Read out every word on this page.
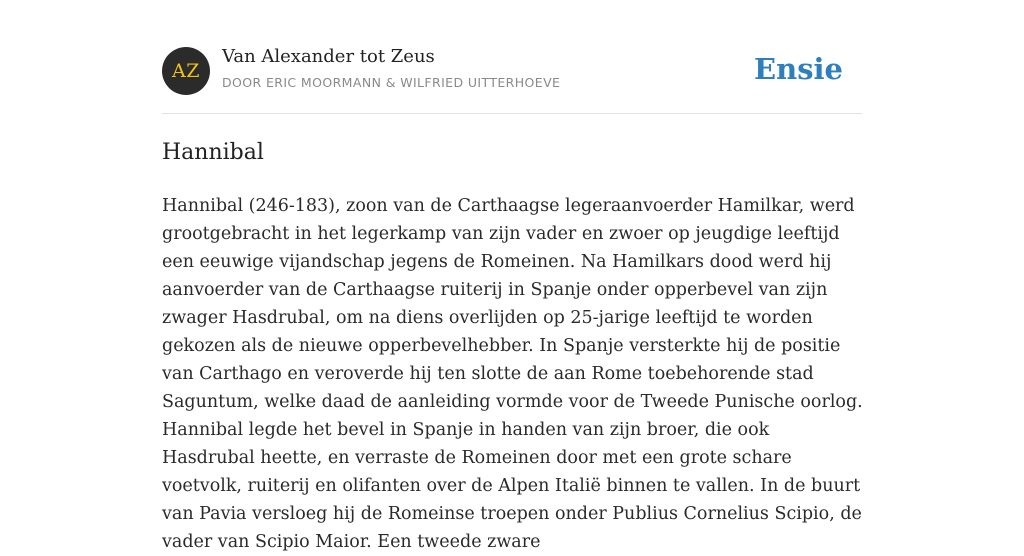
AZ
Van Alexander tot Zeus
DOOR ERIC MOORMANN & WILFRIED UITTERHOEVE	Ensie
Hannibal

Hannibal (246-183), zoon van de Carthaagse legeraanvoerder Hamilkar, werd grootgebracht in het legerkamp van zijn vader en zwoer op jeugdige leeftijd een eeuwige vijandschap jegens de Romeinen. Na Hamilkars dood werd hij aanvoerder van de Carthaagse ruiterij in Spanje onder opperbevel van zijn zwager Hasdrubal, om na diens overlijden op 25-jarige leeftijd te worden gekozen als de nieuwe opperbevelhebber. In Spanje versterkte hij de positie van Carthago en veroverde hij ten slotte de aan Rome toebehorende stad Saguntum, welke daad de aanleiding vormde voor de Tweede Punische oorlog. Hannibal legde het bevel in Spanje in handen van zijn broer, die ook Hasdrubal heette, en verraste de Romeinen door met een grote schare voetvolk, ruiterij en olifanten over de Alpen Italië binnen te vallen. In de buurt van Pavia versloeg hij de Romeinse troepen onder Publius Cornelius Scipio, de vader van Scipio Maior. Een tweede zware
